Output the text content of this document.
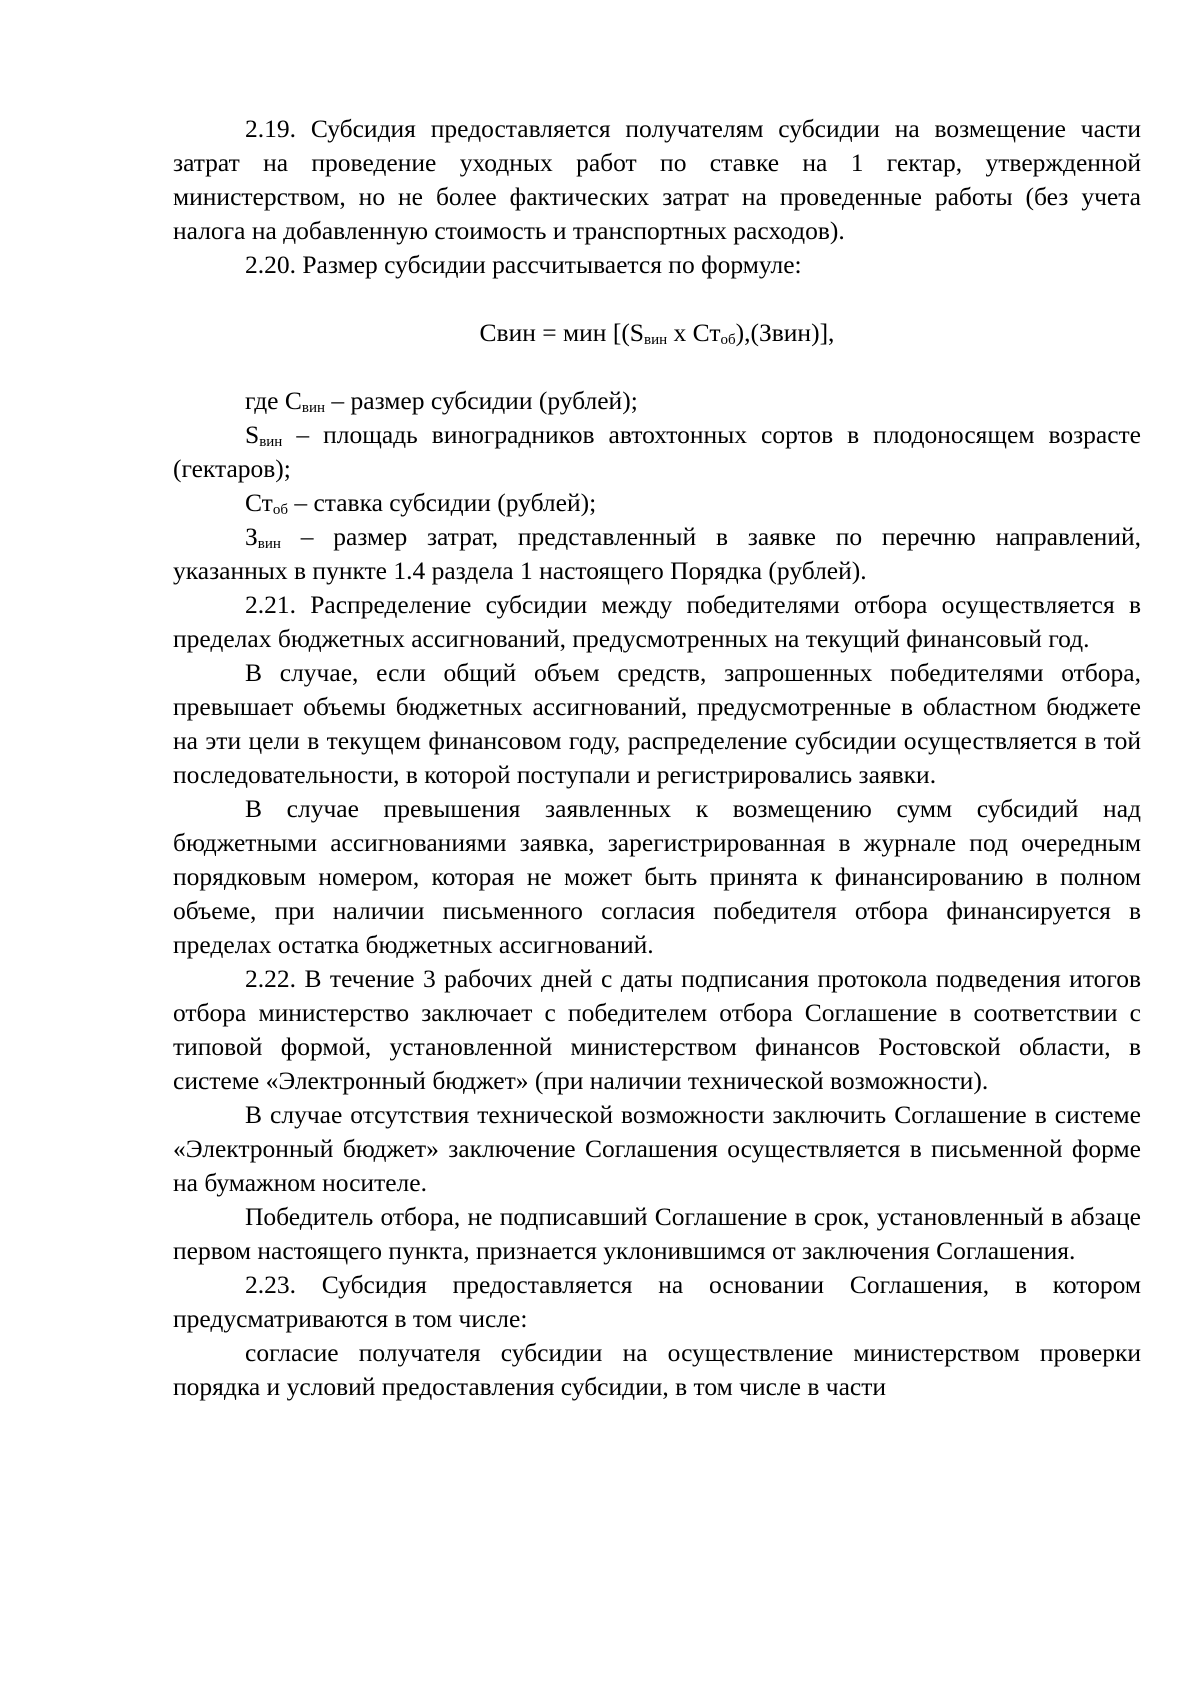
2.19. Субсидия предоставляется получателям субсидии на возмещение части затрат на проведение уходных работ по ставке на 1 гектар, утвержденной министерством, но не более фактических затрат на проведенные работы (без учета налога на добавленную стоимость и транспортных расходов).

2.20. Размер субсидии рассчитывается по формуле:

Свин = мин [($S_{вин}$ х $Ст_{об}),(Звин)$],

где $С_{вин}$ – размер субсидии (рублей);

$S_{вин}$ – площадь виноградников автохтонных сортов в плодоносящем возрасте (гектаров);

$Ст_{об}$ – ставка субсидии (рублей);

$З_{вин}$ – размер затрат, представленный в заявке по перечню направлений, указанных в пункте 1.4 раздела 1 настоящего Порядка (рублей).

2.21. Распределение субсидии между победителями отбора осуществляется в пределах бюджетных ассигнований, предусмотренных на текущий финансовый год.

В случае, если общий объем средств, запрошенных победителями отбора, превышает объемы бюджетных ассигнований, предусмотренные в областном бюджете на эти цели в текущем финансовом году, распределение субсидии осуществляется в той последовательности, в которой поступали и регистрировались заявки.

В случае превышения заявленных к возмещению сумм субсидий над бюджетными ассигнованиями заявка, зарегистрированная в журнале под очередным порядковым номером, которая не может быть принята к финансированию в полном объеме, при наличии письменного согласия победителя отбора финансируется в пределах остатка бюджетных ассигнований.

2.22. В течение 3 рабочих дней с даты подписания протокола подведения итогов отбора министерство заключает с победителем отбора Соглашение в соответствии с типовой формой, установленной министерством финансов Ростовской области, в системе «Электронный бюджет» (при наличии технической возможности).

В случае отсутствия технической возможности заключить Соглашение в системе «Электронный бюджет» заключение Соглашения осуществляется в письменной форме на бумажном носителе.

Победитель отбора, не подписавший Соглашение в срок, установленный в абзаце первом настоящего пункта, признается уклонившимся от заключения Соглашения.

2.23. Субсидия предоставляется на основании Соглашения, в котором предусматриваются в том числе:

согласие получателя субсидии на осуществление министерством проверки порядка и условий предоставления субсидии, в том числе в части
